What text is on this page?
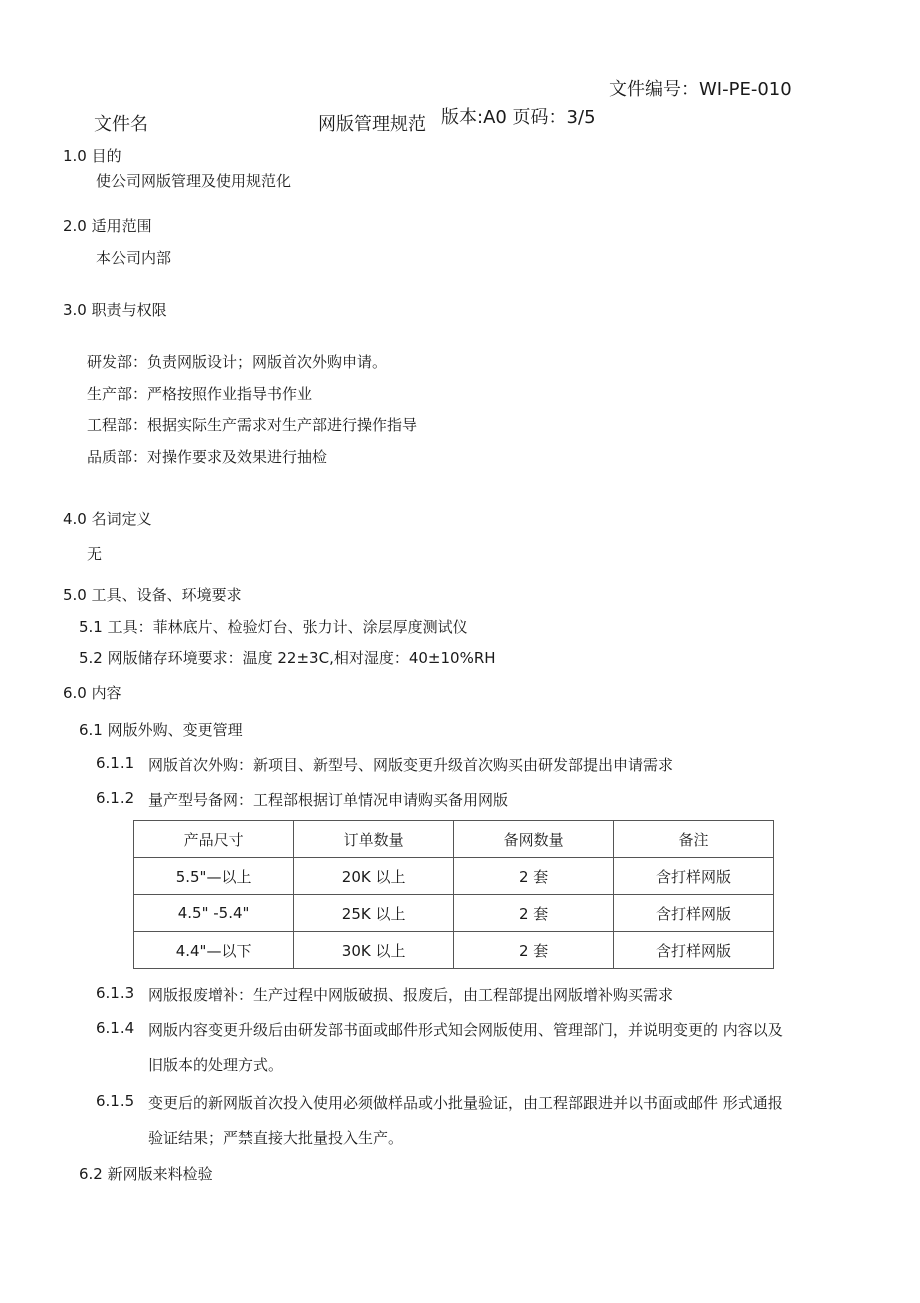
文件编号：WI-PE-010
文件名	网版管理规范 版本:A0 页码：3/5
1.0 目的
使公司网版管理及使用规范化
2.0 适用范围
本公司内部
3.0 职责与权限
研发部：负责网版设计；网版首次外购申请。
生产部：严格按照作业指导书作业
工程部：根据实际生产需求对生产部进行操作指导
品质部：对操作要求及效果进行抽检
4.0 名词定义
无
5.0 工具、设备、环境要求
5.1 工具：菲林底片、检验灯台、张力计、涂层厚度测试仪
5.2 网版储存环境要求：温度 22±3C,相对湿度：40±10%RH
6.0 内容
6.1 网版外购、变更管理
6.1.1 网版首次外购：新项目、新型号、网版变更升级首次购买由研发部提出申请需求
6.1.2 量产型号备网：工程部根据订单情况申请购买备用网版
产品尺寸	订单数量	备网数量	备注
5.5"—以上	20K 以上	2 套	含打样网版
4.5" -5.4"	25K 以上	2 套	含打样网版
4.4"—以下	30K 以上	2 套	含打样网版
6.1.3 网版报废增补：生产过程中网版破损、报废后，由工程部提出网版增补购买需求
6.1.4 网版内容变更升级后由研发部书面或邮件形式知会网版使用、管理部门，并说明变更的 内容以及
旧版本的处理方式。
6.1.5 变更后的新网版首次投入使用必须做样品或小批量验证，由工程部跟进并以书面或邮件 形式通报
验证结果；严禁直接大批量投入生产。
6.2 新网版来料检验
